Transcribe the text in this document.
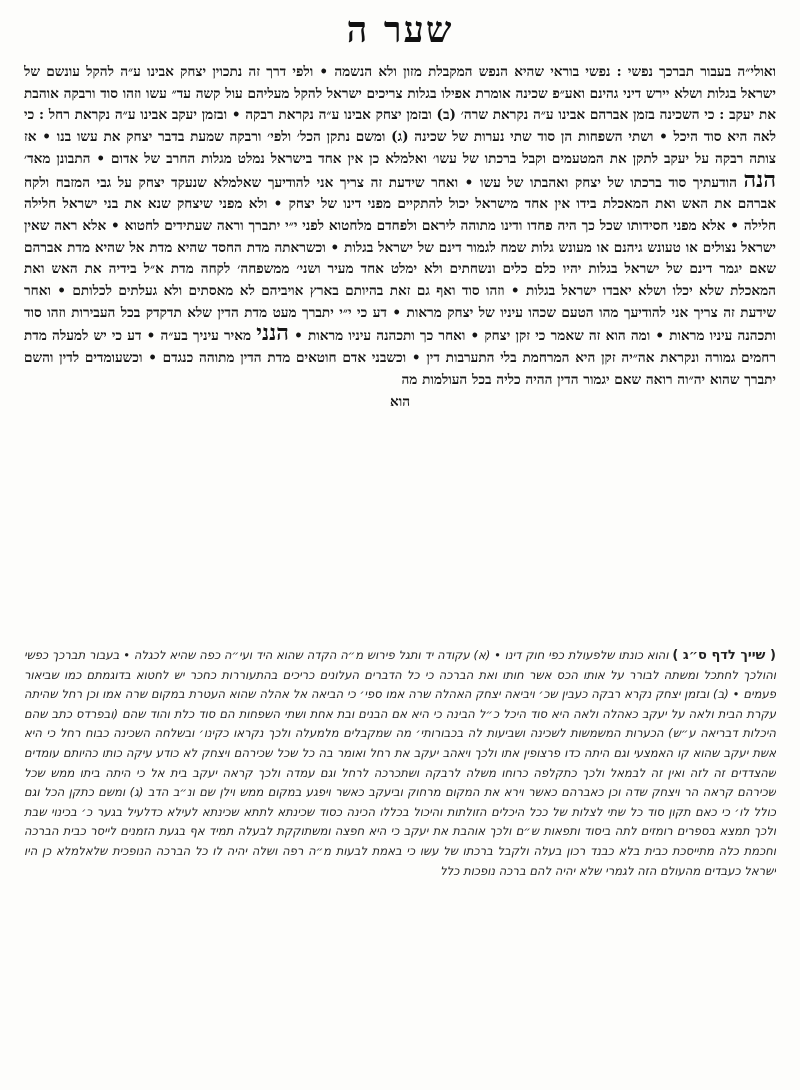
שער ה

ואולי״ה בעבור תברכך נפשי : נפשי בוראי שהיא הנפש המקבלת מזון ולא הנשמה • ולפי דרך זה נתכוין יצחק אבינו ע״ה להקל עונשם של ישראל בגלות ושלא יירש דיני גהינם ואע״פ שכינה אומרת אפילו בגלות צריכים ישראל להקל מעליהם עול קשה עד״ עשו וזהו סוד ורבקה אוהבת את יעקב : כי השכינה בזמן אברהם אבינו ע״ה נקראת שרה׳ (ב) ובזמן יצחק אבינו ע״ה נקראת רבקה • ובזמן יעקב אבינו ע״ה נקראת רחל : כי לאה היא סוד היכל • ושתי השפחות הן סוד שתי נערות של שכינה (ג) ומשם נתקן הכל׳ ולפי׳ ורבקה שמעת בדבר יצחק את עשו בנו • אז צותה רבקה על יעקב לתקן את המטעמים וקבל ברכתו של עשו׳ ואלמלא כן אין אחד בישראל נמלט מגלות החרב של אדום • התבונן מאד׳ הנה הודעתיך סוד ברכתו של יצחק ואהבתו של עשו • ואחר שידעת זה צריך אני להודיעך שאלמלא שנעקד יצחק על גבי המזבח ולקח אברהם את האש ואת המאכלת בידו אין אחד מישראל יכול להתקיים מפני דינו של יצחק • ולא מפני שיצחק שנא את בני ישראל חלילה חלילה • אלא מפני חסידותו שכל כך היה פחדו ודינו מתוהה ליראם ולפחדם מלחטוא לפני י״י יתברך וראה שעתידים לחטוא • אלא ראה שאין ישראל נצולים או טעונש גיהנם או מעונש גלות שמח לגמור דינם של ישראל בגלות • וכשראתה מדת החסד שהיא מדת אל שהיא מדת אברהם שאם יגמר דינם של ישראל בגלות יהיו כלם כלים ונשחתים ולא ימלט אחד מעיר ושני׳ ממשפחה׳ לקחה מדת א״ל בידיה את האש ואת המאכלת שלא יכלו ושלא יאבדו ישראל בגלות • וזהו סוד ואף גם זאת בהיותם בארץ אויביהם לא מאסתים ולא געלתים לכלותם • ואחר שידעת זה צריך אני להודיעך מהו הטעם שכהו עיניו של יצחק מראות • דע כי י״י יתברך מעט מדת הדין שלא תדקדק בכל העבירות וזהו סוד ותכהנה עיניו מראות • ומה הוא זה שאמר כי זקן יצחק • ואחר כך ותכהנה עיניו מראות • הנני מאיר עיניך בע״ה • דע כי יש למעלה מדת רחמים גמורה ונקראת אה״יה זקן היא המרחמת בלי התערבות דין • וכשבני אדם חוטאים מדת הדין מתוהה כנגדם • וכשעומדים לדין והשם יתברך שהוא יה״וה רואה שאם יגמור הדין ההיה כליה בכל העולמות מה

הוא

( שייך לדף ס״ג ) והוא כונתו שלפעולת כפי חוק דינו • (א) עקודה יד ותגל פירוש מ״ה הקדה שהוא היד ועי״ה כפה שהיא לכגלה • בעבור תברכך כפשי והולכך לחתכל ומשתה לבורר על אותו הכס אשר חותו ואת הברכה כי כל הדברים העלונים כריכים בהתעוררות כחכר יש לחטוא בדוגמתם כמו שביאור פעמים • (ב) ובזמן יצחק נקרא רבקה כעבין שכ׳ ויביאה יצחק האהלה שרה אמו ספי׳ כי הביאה אל אהלה שהוא העטרת במקום שרה אמו וכן רחל שהיתה עקרת הבית ולאה על יעקב כאהלה ולאה היא סוד היכל כ״ל הבינה כי היא אם הבנים ובת אחת ושתי השפחות הם סוד כלת והוד שהם (ובפרדס כתב שהם היכלות דבריאה ע״ש) הכערות המשמשות לשכינה ושביעות לה בכבורותי׳ מה שמקבלים מלמעלה ולכך נקראו כקינו׳ ובשלחה השכינה כבוח רחל כי היא אשת יעקב שהוא קו האמצעי וגם היתה כדו פרצופין אתו ולכך ויאהב יעקב את רחל ואומר בה כל שכל שכירהם ויצחק לא כודע עיקה כותו כהיותם עומדים שהצדדים זה לזה ואין זה לבמאל ולכך כתקלפה כרוחו משלה לרבקה ושתכרכה לרחל וגם עמדה ולכך קראה יעקב בית אל כי היתה ביתו ממש שכל שכירהם קראה הר ויצחק שדה וכן כאברהם כאשר וירא את המקום מרחוק וביעקב כאשר ויפגע במקום ממש וילן שם ונ״ב הדב (ג) ומשם כתקן הכל וגם כולל לו׳ כי כאם תקון סוד כל שתי לצלות של ככל היכלים הזולתות והיכול בכללו הכינה כסוד שכינתא לתתא שכינתא לעילא כדלעיל בגער כ׳ בכינוי שבת ולכך תמצא בספרים רומזים לתה ביסוד ותפאות ש״ם ולכך אוהבת את יעקב כי היא חפצה ומשתוקקת לבעלה תמיד אף בגעת הזמנים לייסר כבית הברכה וחכמת כלה מתייסכת כבית בלא כבנד רכון בעלה ולקבל ברכתו של עשו כי באמת לבעות מ״ה רפה ושלה יהיה לו כל הברכה הנופכית שלאלמלא כן היו ישראל כעבדים מהעולם הזה לגמרי שלא יהיה להם ברכה נופכות כלל
